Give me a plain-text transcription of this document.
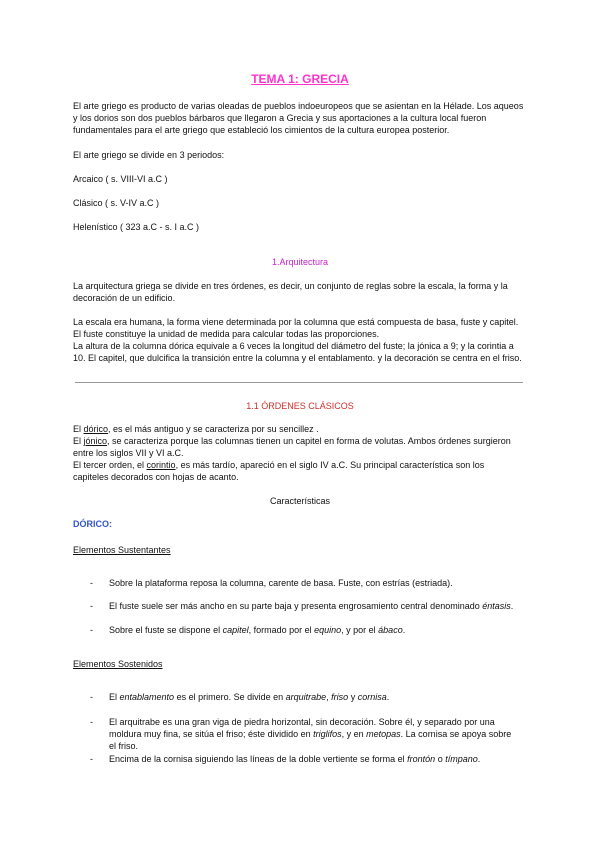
TEMA 1: GRECIA
El arte griego es producto de varias oleadas de pueblos indoeuropeos que se asientan en la Hélade. Los aqueos
y los dorios son dos pueblos bárbaros que llegaron a Grecia y sus aportaciones a la cultura local fueron
fundamentales para el arte griego que estableció los cimientos de la cultura europea posterior.
El arte griego se divide en 3 periodos:
Arcaico ( s. VIII-VI a.C )
Clásico ( s. V-IV a.C )
Helenístico ( 323 a.C - s. I a.C )
1.Arquitectura
La arquitectura griega se divide en tres órdenes, es decir, un conjunto de reglas sobre la escala, la forma y la
decoración de un edificio.
La escala era humana, la forma viene determinada por la columna que está compuesta de basa, fuste y capitel.
El fuste constituye la unidad de medida para calcular todas las proporciones.
La altura de la columna dórica equivale a 6 veces la longitud del diámetro del fuste; la jónica a 9; y la corintia a
10. El capitel, que dulcifica la transición entre la columna y el entablamento. y la decoración se centra en el friso.
1.1 ÓRDENES CLÁSICOS
El dórico, es el más antiguo y se caracteriza por su sencillez .
El jónico, se caracteriza porque las columnas tienen un capitel en forma de volutas. Ambos órdenes surgieron
entre los siglos VII y VI a.C.
El tercer orden, el corintio, es más tardío, apareció en el siglo IV a.C. Su principal característica son los
capiteles decorados con hojas de acanto.
Características
DÓRICO:
Elementos Sustentantes
- Sobre la plataforma reposa la columna, carente de basa. Fuste, con estrías (estriada).
- El fuste suele ser más ancho en su parte baja y presenta engrosamiento central denominado éntasis.
- Sobre el fuste se dispone el capitel, formado por el equino, y por el ábaco.
Elementos Sostenidos
- El entablamento es el primero. Se divide en arquitrabe, friso y cornisa.
- El arquitrabe es una gran viga de piedra horizontal, sin decoración. Sobre él, y separado por una
moldura muy fina, se sitúa el friso; éste dividido en triglifos, y en metopas. La cornisa se apoya sobre
el friso.
- Encima de la cornisa siguiendo las líneas de la doble vertiente se forma el frontón o tímpano.
